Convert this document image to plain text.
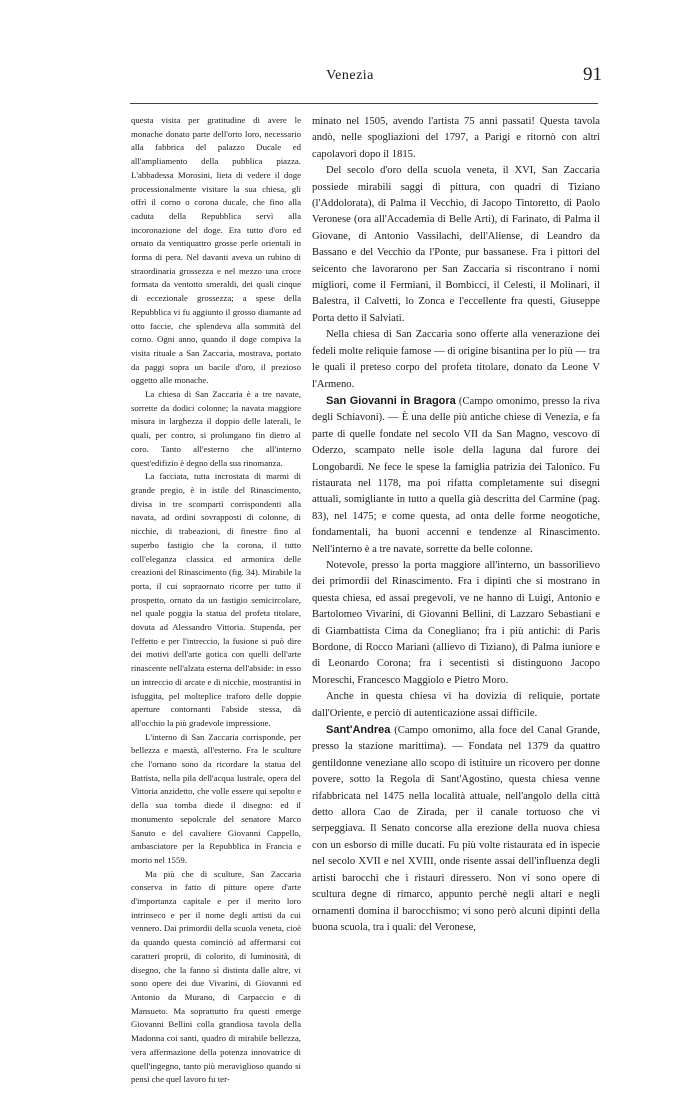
Venezia	91

questa visita per gratitudine di avere le monache donato parte dell'orto loro, necessario alla fabbrica del palazzo Ducale ed all'ampliamento della pubblica piazza. L'abbadessa Morosini, lieta di vedere il doge processionalmente visitare la sua chiesa, gli offrì il corno o corona ducale, che fino alla caduta della Repubblica servì alla incoronazione del doge. Era tutto d'oro ed ornato da ventiquattro grosse perle orientali in forma di pera. Nel davanti aveva un rubino di straordinaria grossezza e nel mezzo una croce formata da ventotto smeraldi, dei quali cinque di eccezionale grossezza; a spese della Repubblica vi fu aggiunto il grosso diamante ad otto faccie, che splendeva alla sommità del corno. Ogni anno, quando il doge compiva la visita rituale a San Zaccaria, mostrava, portato da paggi sopra un bacile d'oro, il prezioso oggetto alle monache.

La chiesa di San Zaccaria è a tre navate, sorrette da dodici colonne; la navata maggiore misura in larghezza il doppio delle laterali, le quali, per contro, si prolungano fin dietro al coro. Tanto all'esterno che all'interno quest'edifizio è degno della sua rinomanza.

La facciata, tutta incrostata di marmi di grande pregio, è in istile del Rinascimento, divisa in tre scompartì corrispondenti alla navata, ad ordini sovrapposti di colonne, di nicchie, di trabeazioni, di finestre fino al superbo fastigio che la corona, il tutto coll'eleganza classica ed armonica delle creazioni del Rinascimento (fig. 34). Mirabile la porta, il cui sopraornato ricorre per tutto il prospetto, ornato da un fastigio semicircolare, nel quale poggia la statua del profeta titolare, dovuta ad Alessandro Vittoria. Stupenda, per l'effetto e per l'intreccio, la fusione si può dire dei motivi dell'arte gotica con quelli dell'arte rinascente nell'alzata esterna dell'abside: in esso un intreccio di arcate e di nicchie, mostrantisi in isfuggita, pel molteplice traforo delle doppie aperture contornanti l'abside stessa, dà all'occhio la più gradevole impressione.

L'interno di San Zaccaria corrisponde, per bellezza e maestà, all'esterno. Fra le sculture che l'ornano sono da ricordare la statua del Battista, nella pila dell'acqua lustrale, opera del Vittoria anzidetto, che volle essere qui sepolto e della sua tomba diede il disegno: ed il monumento sepolcrale del senatore Marco Sanuto e del cavaliere Giovanni Cappello, ambasciatore per la Repubblica in Francia e morto nel 1559.

Ma più che di sculture, San Zaccaria conserva in fatto di pitture opere d'arte d'importanza capitale e per il merito loro intrinseco e per il nome degli artisti da cui vennero. Dai primordii della scuola veneta, cioè da quando questa cominciò ad affermarsi coi caratteri proprii, di colorito, di luminosità, di disegno, che la fanno sì distinta dalle altre, vi sono opere dei due Vivarini, di Giovanni ed Antonio da Murano, di Carpaccio e di Mansueto. Ma soprattutto fra questi emerge Giovanni Bellini colla grandiosa tavola della Madonna coi santi, quadro di mirabile bellezza, vera affermazione della potenza innovatrice di quell'ingegno, tanto più meraviglioso quando si pensi che quel lavoro fu ter-

minato nel 1505, avendo l'artista 75 anni passati! Questa tavola andò, nelle spogliazioni del 1797, a Parigi e ritornò con altri capolavori dopo il 1815.

Del secolo d'oro della scuola veneta, il XVI, San Zaccaria possiede mirabili saggi di pittura, con quadri di Tiziano (l'Addolorata), di Palma il Vecchio, di Jacopo Tintoretto, di Paolo Veronese (ora all'Accademia di Belle Arti), di Farinato, di Palma il Giovane, di Antonio Vassilachi, dell'Aliense, di Leandro da Bassano e del Vecchio da l'Ponte, pur bassanese. Fra i pittori del seicento che lavorarono per San Zaccaria si riscontrano i nomi migliori, come il Fermiani, il Bombicci, il Celesti, il Molinari, il Balestra, il Calvetti, lo Zonca e l'eccellente fra questi, Giuseppe Porta detto il Salviati.

Nella chiesa di San Zaccaria sono offerte alla venerazione dei fedeli molte reliquie famose — di origine bisantina per lo più — tra le quali il preteso corpo del profeta titolare, donato da Leone V l'Armeno.

San Giovanni in Bragora (Campo omonimo, presso la riva degli Schiavoni). — È una delle più antiche chiese di Venezia, e fa parte di quelle fondate nel secolo VII da San Magno, vescovo di Oderzo, scampato nelle isole della laguna dal furore dei Longobardi. Ne fece le spese la famiglia patrizia dei Talonico. Fu ristaurata nel 1178, ma poi rifatta completamente sui disegni attuali, somigliante in tutto a quella già descritta del Carmine (pag. 83), nel 1475; e come questa, ad onta delle forme neogotiche, fondamentali, ha buoni accenni e tendenze al Rinascimento. Nell'interno è a tre navate, sorrette da belle colonne.

Notevole, presso la porta maggiore all'interno, un bassorilievo dei primordii del Rinascimento. Fra i dipinti che si mostrano in questa chiesa, ed assai pregevoli, ve ne hanno di Luigi, Antonio e Bartolomeo Vivarini, di Giovanni Bellini, di Lazzaro Sebastiani e di Giambattista Cima da Conegliano; fra i più antichi: di Paris Bordone, di Rocco Mariani (allievo di Tiziano), di Palma iuniore e di Leonardo Corona; fra i secentisti si distinguono Jacopo Moreschi, Francesco Maggiolo e Pietro Moro.

Anche in questa chiesa vi ha dovizia di reliquie, portate dall'Oriente, e perciò di autenticazione assai difficile.

Sant'Andrea (Campo omonimo, alla foce del Canal Grande, presso la stazione marittima). — Fondata nel 1379 da quattro gentildonne veneziane allo scopo di istituire un ricovero per donne povere, sotto la Regola di Sant'Agostino, questa chiesa venne rifabbricata nel 1475 nella località attuale, nell'angolo della città detto allora Cao de Zirada, per il canale tortuoso che vi serpeggiava. Il Senato concorse alla erezione della nuova chiesa con un esborso di mille ducati. Fu più volte ristaurata ed in ispecie nel secolo XVII e nel XVIII, onde risente assai dell'influenza degli artisti barocchi che i ristauri diressero. Non vi sono opere di scultura degne di rimarco, appunto perchè negli altari e negli ornamenti domina il barocchismo; vi sono però alcuni dipinti della buona scuola, tra i quali: del Veronese,
